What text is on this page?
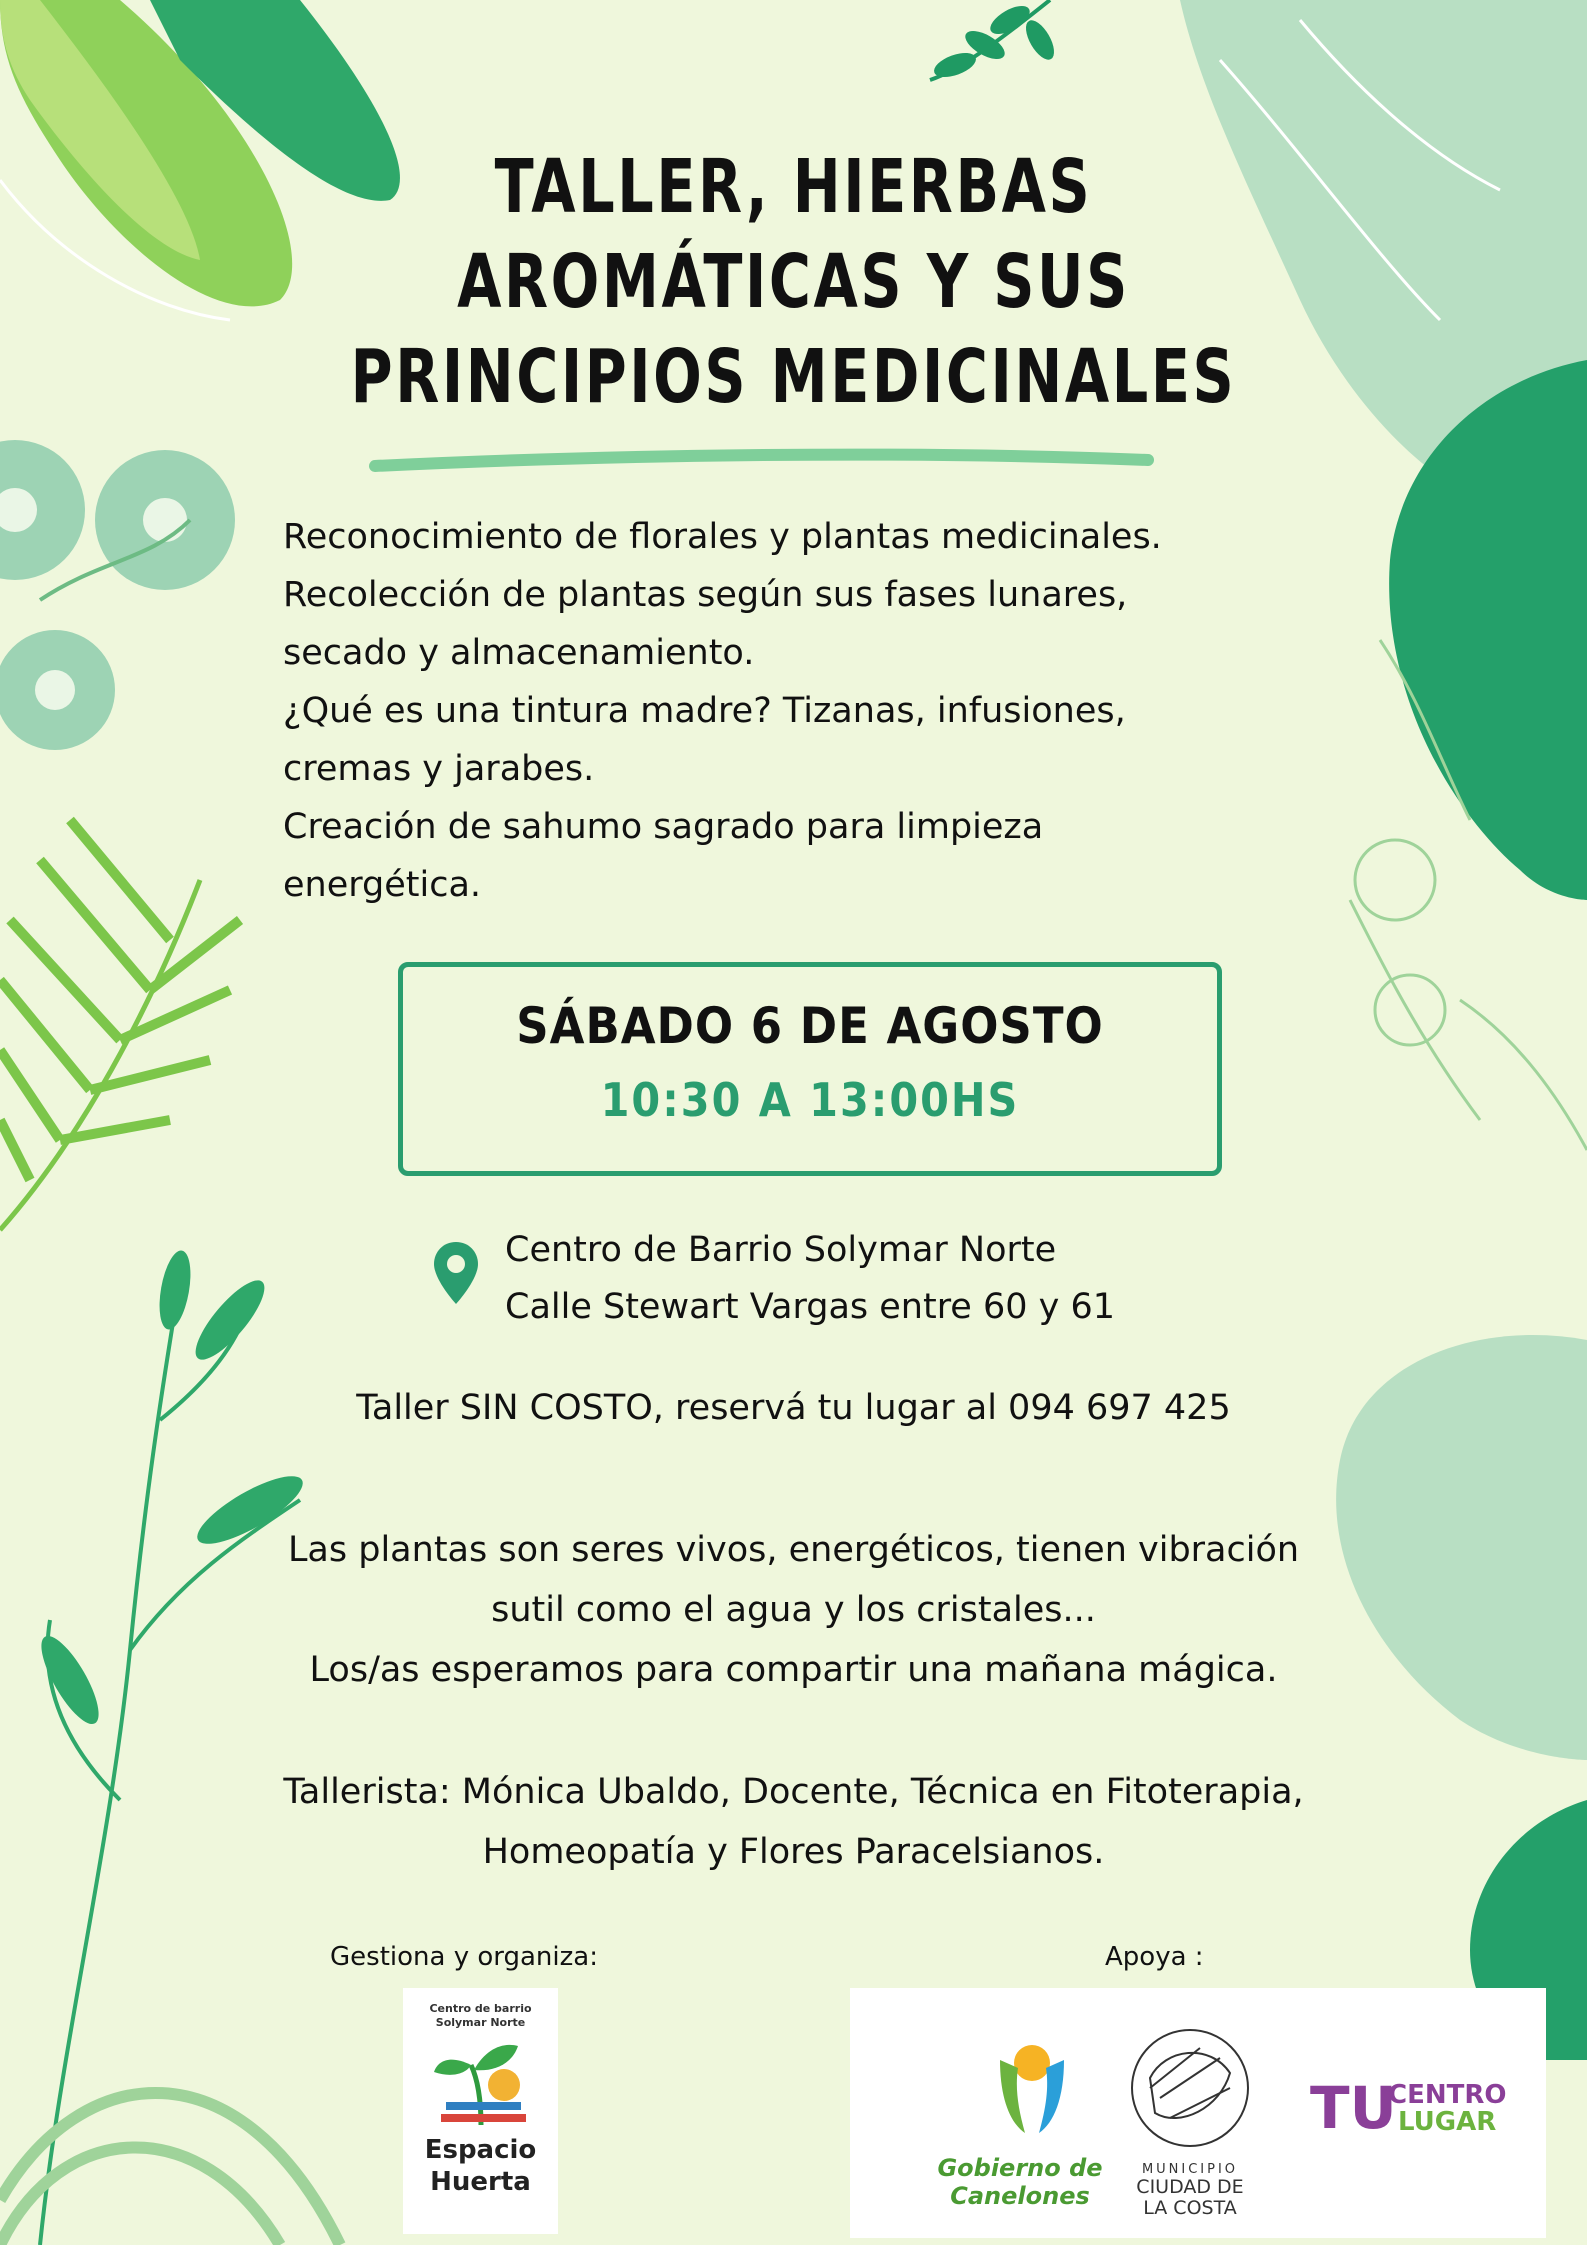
TALLER, HIERBAS
AROMÁTICAS Y SUS
PRINCIPIOS MEDICINALES
Reconocimiento de florales y plantas medicinales.
Recolección de plantas según sus fases lunares,
secado y almacenamiento.
¿Qué es una tintura madre? Tizanas, infusiones,
cremas y jarabes.
Creación de sahumo sagrado para limpieza
energética.
SÁBADO 6 DE AGOSTO
10:30 A 13:00HS
Centro de Barrio Solymar Norte
Calle Stewart Vargas entre 60 y 61
Taller SIN COSTO, reservá tu lugar al 094 697 425
Las plantas son seres vivos, energéticos, tienen vibración
sutil como el agua y los cristales...
Los/as esperamos para compartir una mañana mágica.
Tallerista: Mónica Ubaldo, Docente, Técnica en Fitoterapia,
Homeopatía y Flores Paracelsianos.
Gestiona y organiza:	Apoya :
Centro de barrio
Solymar Norte
Espacio
Huerta	Gobierno de
Canelones
MUNICIPIO
CIUDAD DE
LA COSTA
TU
CENTRO
LUGAR
